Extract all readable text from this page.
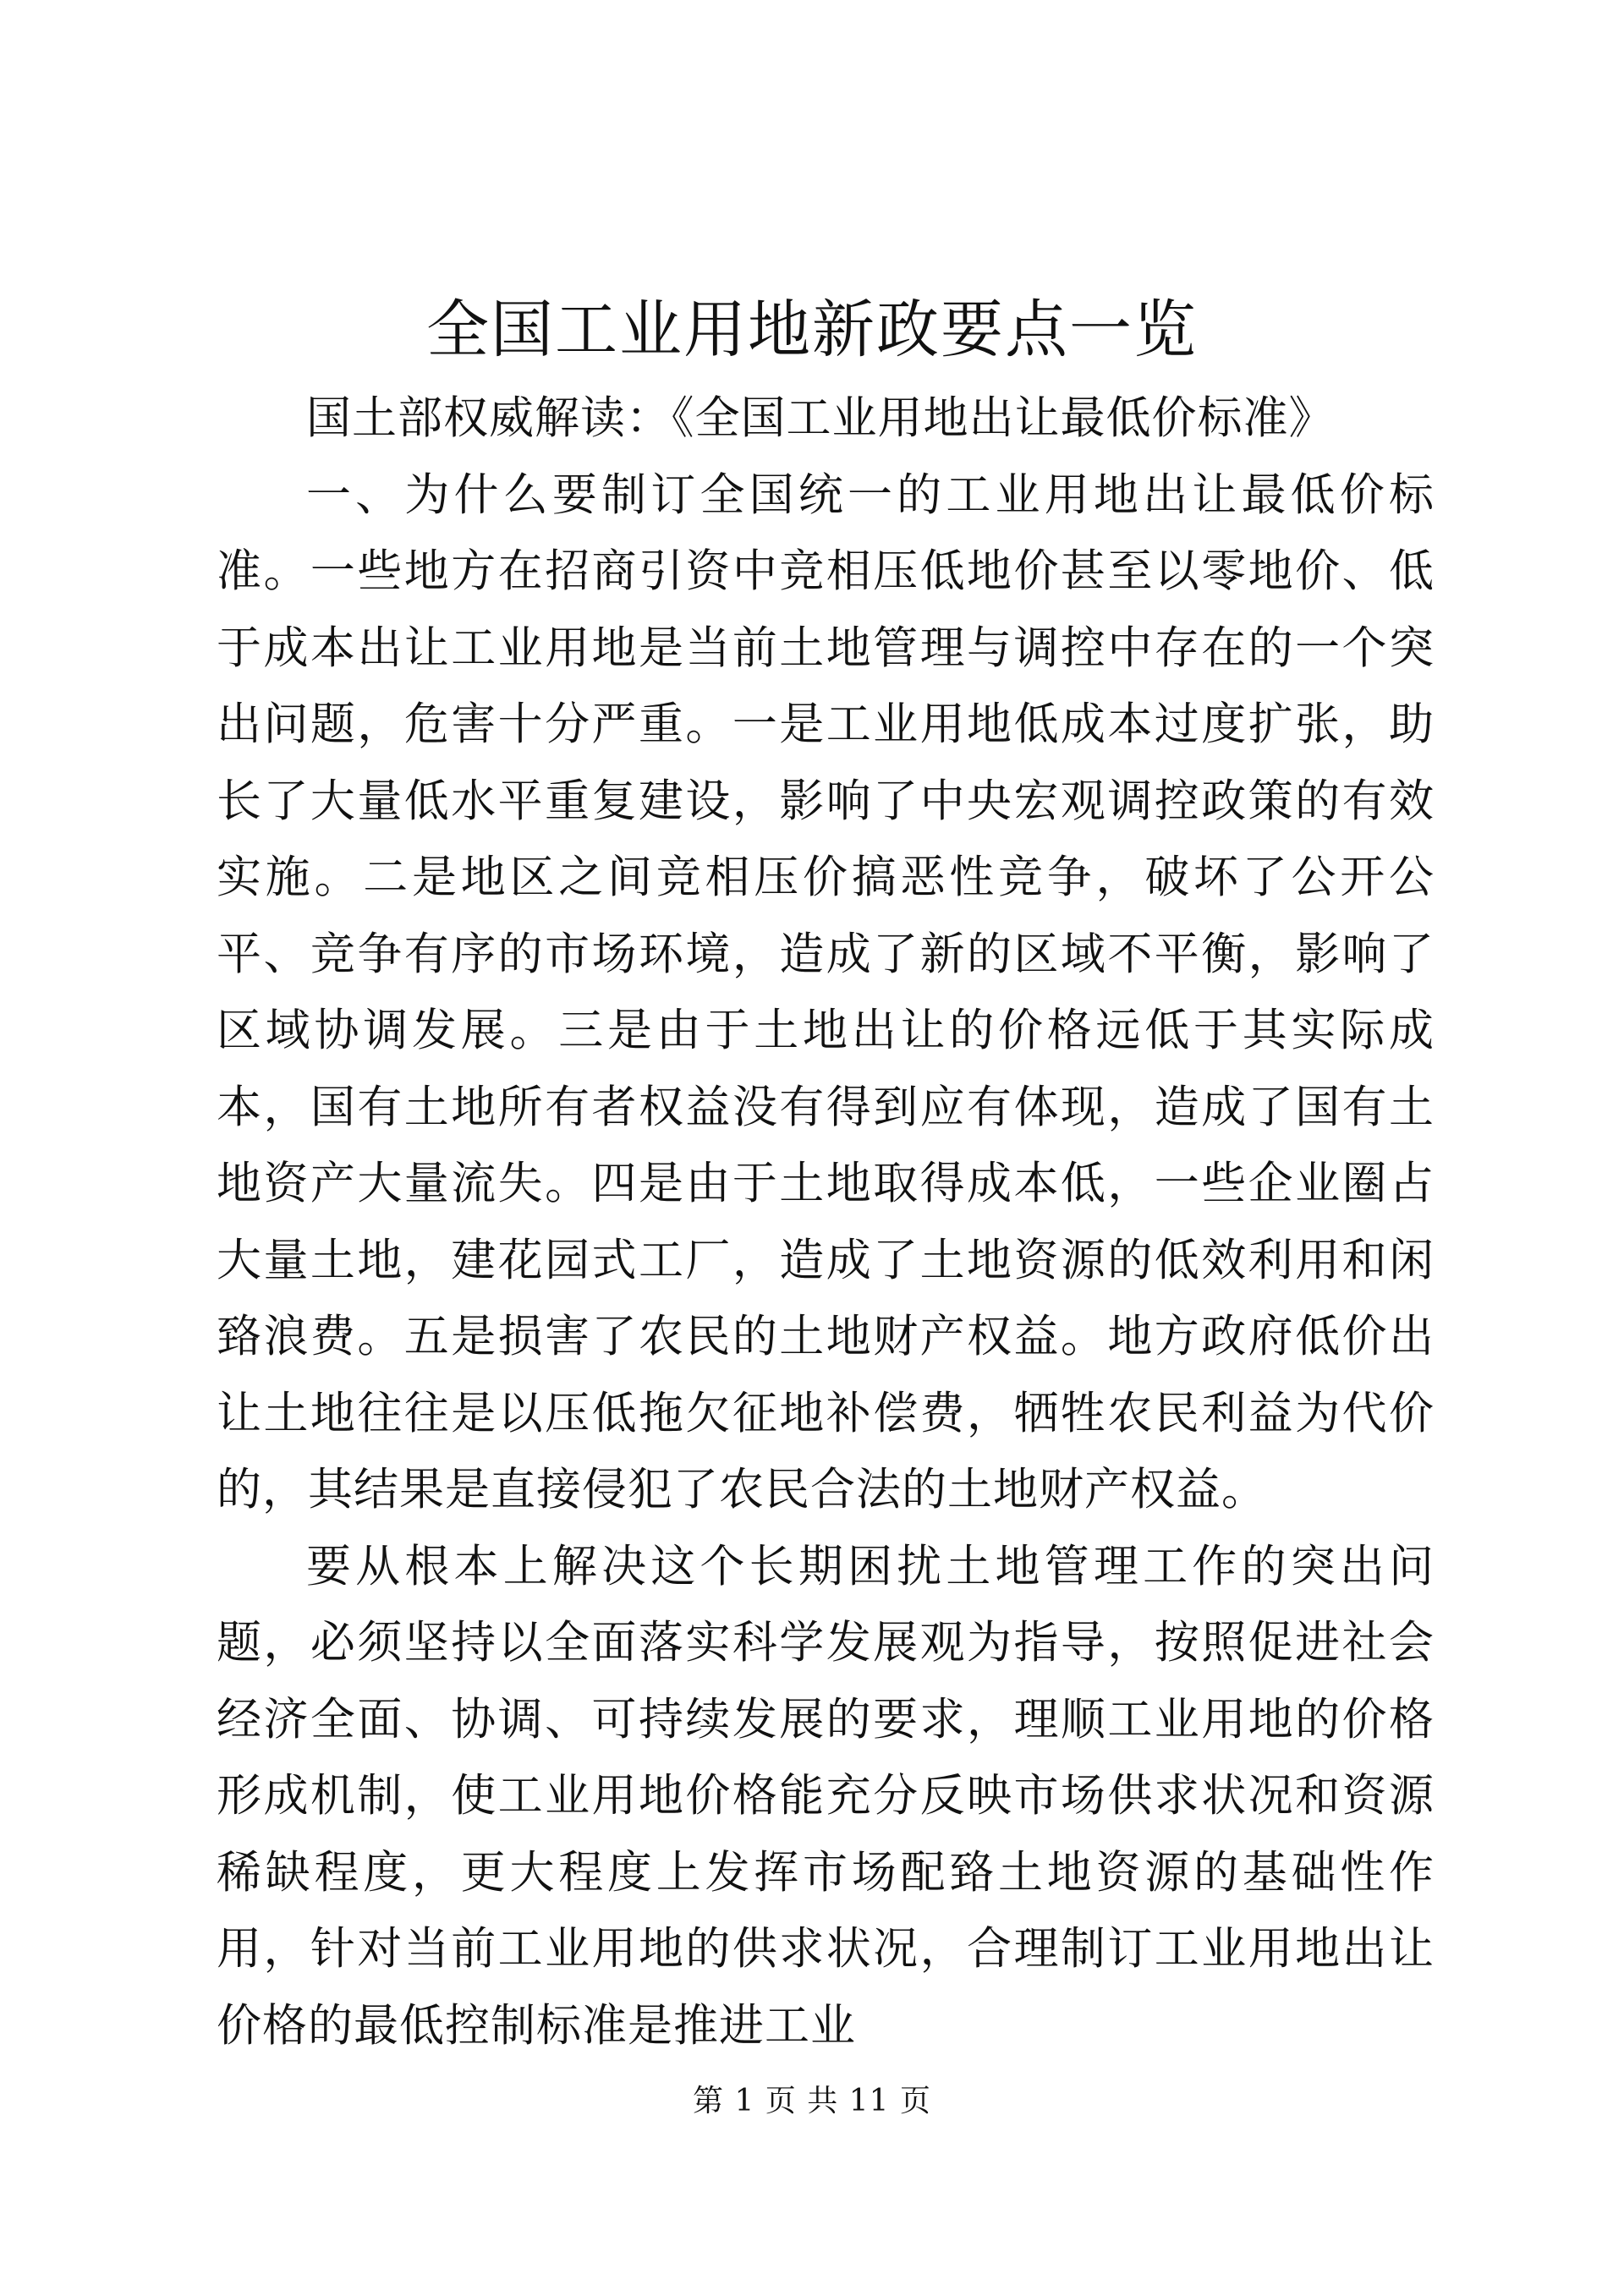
全国工业用地新政要点一览

国土部权威解读：《全国工业用地出让最低价标准》

一、为什么要制订全国统一的工业用地出让最低价标准。一些地方在招商引资中竞相压低地价甚至以零地价、低于成本出让工业用地是当前土地管理与调控中存在的一个突出问题，危害十分严重。一是工业用地低成本过度扩张，助长了大量低水平重复建设，影响了中央宏观调控政策的有效实施。二是地区之间竞相压价搞恶性竞争，破坏了公开公平、竞争有序的市场环境，造成了新的区域不平衡，影响了区域协调发展。三是由于土地出让的价格远低于其实际成本，国有土地所有者权益没有得到应有体现，造成了国有土地资产大量流失。四是由于土地取得成本低，一些企业圈占大量土地，建花园式工厂，造成了土地资源的低效利用和闲臵浪费。五是损害了农民的土地财产权益。地方政府低价出让土地往往是以压低拖欠征地补偿费，牺牲农民利益为代价的，其结果是直接侵犯了农民合法的土地财产权益。

要从根本上解决这个长期困扰土地管理工作的突出问题，必须坚持以全面落实科学发展观为指导，按照促进社会经济全面、协调、可持续发展的要求，理顺工业用地的价格形成机制，使工业用地价格能充分反映市场供求状况和资源稀缺程度，更大程度上发挥市场配臵土地资源的基础性作用，针对当前工业用地的供求状况，合理制订工业用地出让价格的最低控制标准是推进工业

第 1 页 共 11 页
